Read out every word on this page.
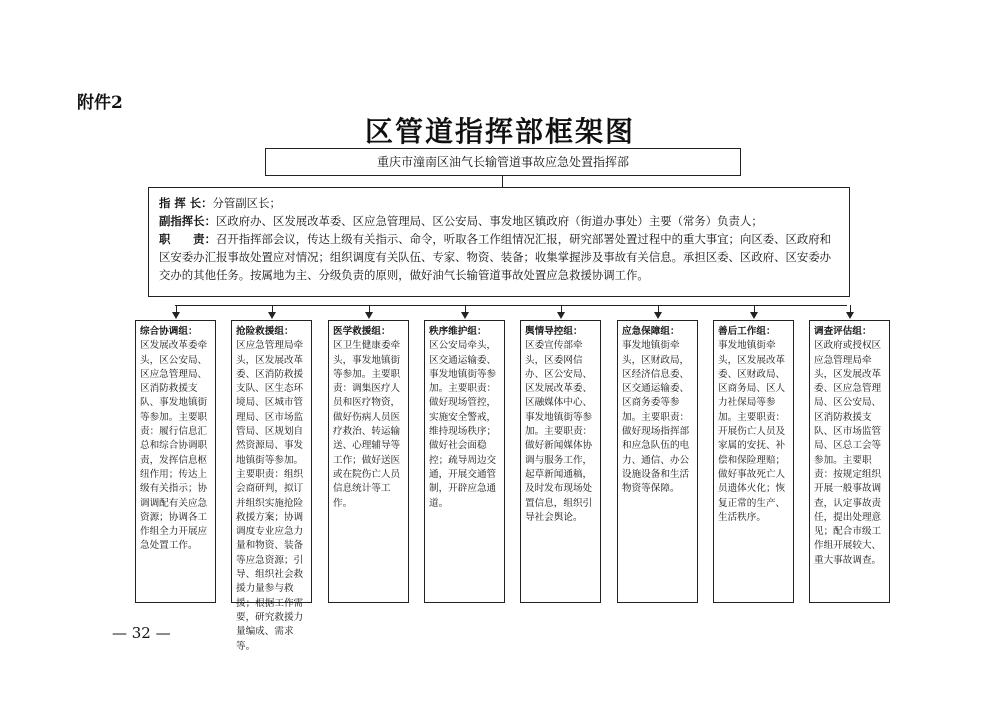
附件2
区管道指挥部框架图
重庆市潼南区油气长输管道事故应急处置指挥部

指 挥 长：分管副区长；

副指挥长：区政府办、区发展改革委、区应急管理局、区公安局、事发地区镇政府（街道办事处）主要（常务）负责人；

职　　责：召开指挥部会议，传达上级有关指示、命令，听取各工作组情况汇报，研究部署处置过程中的重大事宜；向区委、区政府和区安委办汇报事故处置应对情况；组织调度有关队伍、专家、物资、装备；收集掌握涉及事故有关信息。承担区委、区政府、区安委办交办的其他任务。按属地为主、分级负责的原则，做好油气长输管道事故处置应急救援协调工作。

综合协调组：
区发展改革委牵头，区公安局、区应急管理局、区消防救援支队、事发地镇街等参加。主要职责：履行信息汇总和综合协调职责，发挥信息枢纽作用；传达上级有关指示；协调调配有关应急资源；协调各工作组全力开展应急处置工作。
抢险救援组：
区应急管理局牵头，区发展改革委、区消防救援支队、区生态环境局、区城市管理局、区市场监管局、区规划自然资源局、事发地镇街等参加。主要职责：组织会商研判，拟订并组织实施抢险救援方案；协调调度专业应急力量和物资、装备等应急资源；引导、组织社会救援力量参与救援；根据工作需要，研究救援力量编成、需求等。
医学救援组：
区卫生健康委牵头，事发地镇街等参加。主要职责：调集医疗人员和医疗物资，做好伤病人员医疗救治、转运输送、心理辅导等工作；做好送医或在院伤亡人员信息统计等工作。
秩序维护组：
区公安局牵头，区交通运输委、事发地镇街等参加。主要职责：做好现场管控，实施安全警戒，维持现场秩序；做好社会面稳控；疏导周边交通，开展交通管制，开辟应急通道。
舆情导控组：
区委宣传部牵头，区委网信办、区公安局、区发展改革委、区融媒体中心、事发地镇街等参加。主要职责：做好新闻媒体协调与服务工作，起草新闻通稿，及时发布现场处置信息，组织引导社会舆论。
应急保障组：
事发地镇街牵头，区财政局，区经济信息委、区交通运输委、区商务委等参加。主要职责：做好现场指挥部和应急队伍的电力、通信、办公设施设备和生活物资等保障。
善后工作组：
事发地镇街牵头，区发展改革委、区财政局、区商务局、区人力社保局等参加。主要职责：开展伤亡人员及家属的安抚、补偿和保险理赔；做好事故死亡人员遗体火化；恢复正常的生产、生活秩序。
调查评估组：
区政府或授权区应急管理局牵头，区发展改革委、区应急管理局、区公安局、区消防救援支队、区市场监管局、区总工会等参加。主要职责：按规定组织开展一般事故调查，认定事故责任，提出处理意见；配合市级工作组开展较大、重大事故调查。
— 32 —
